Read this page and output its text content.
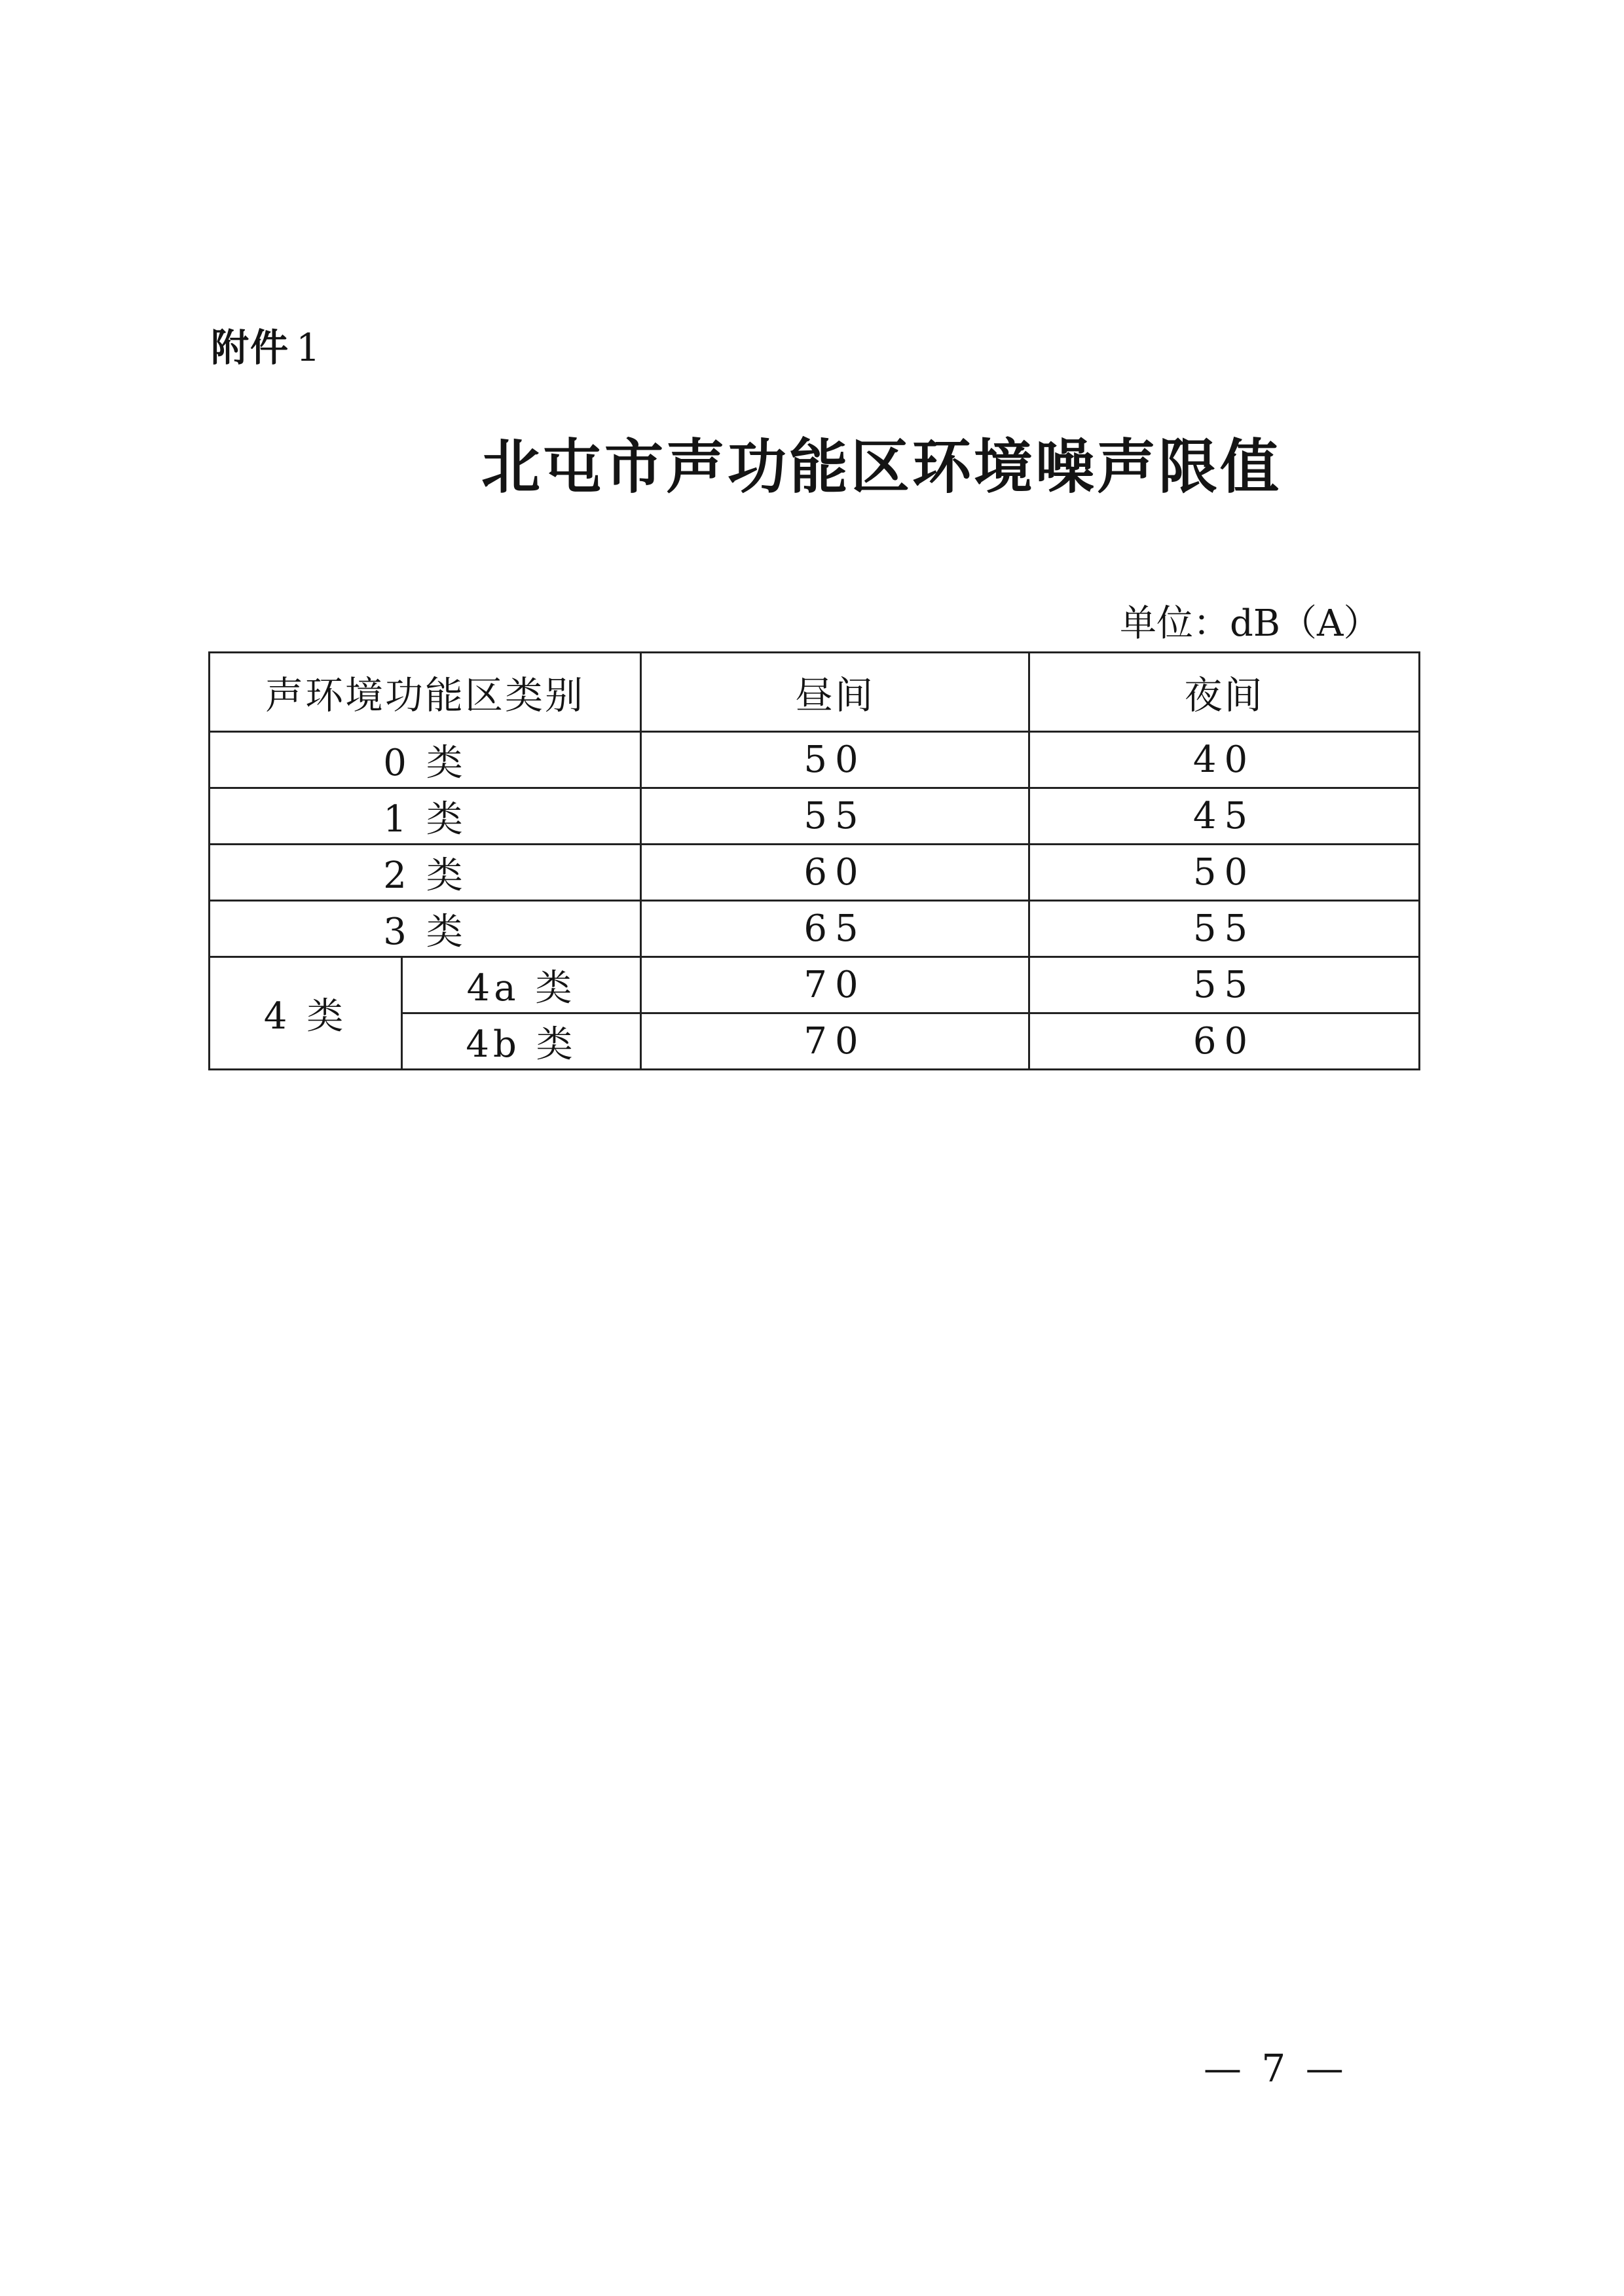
附件 1
北屯市声功能区环境噪声限值
单位：dB（A）
声环境功能区类别		昼间	夜间
0 类		50	40
1 类		55	45
2 类		60	50
3 类		65	55
4 类	4a 类	70	55
	4b 类	70	60
— 7 —
